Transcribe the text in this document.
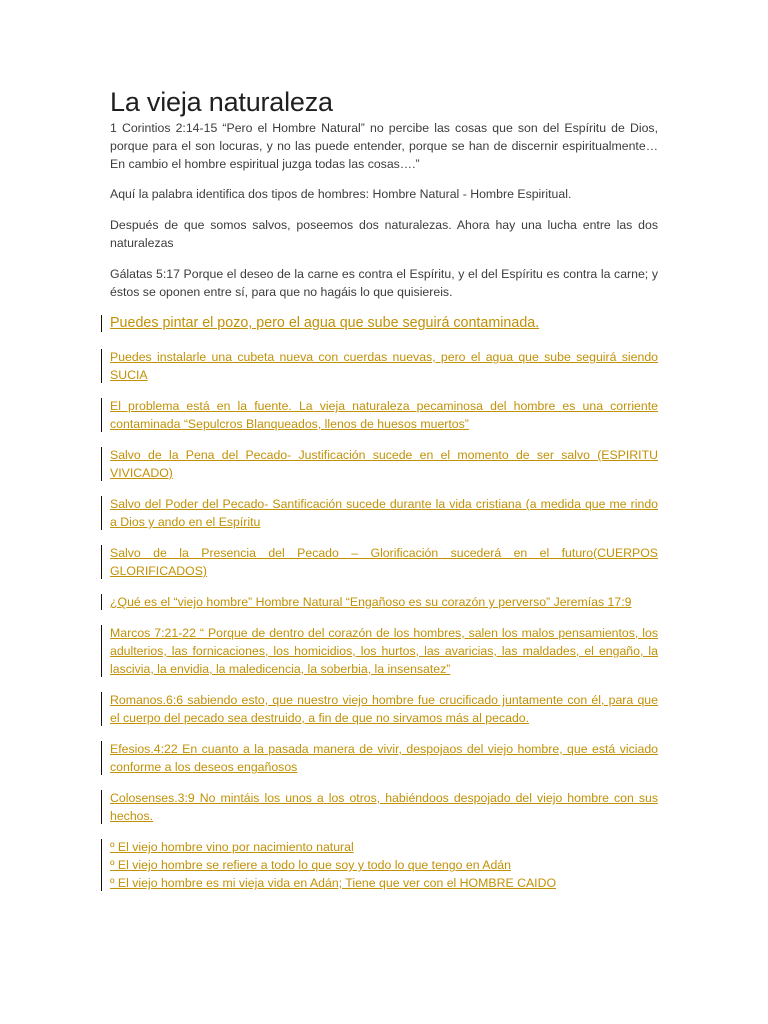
La vieja naturaleza

1 Corintios 2:14-15 “Pero el Hombre Natural” no percibe las cosas que son del Espíritu de Dios, porque para el son locuras, y no las puede entender, porque se han de discernir espiritualmente… En cambio el hombre espiritual juzga todas las cosas….”

Aquí la palabra identifica dos tipos de hombres: Hombre Natural - Hombre Espiritual.

Después de que somos salvos, poseemos dos naturalezas. Ahora hay una lucha entre las dos naturalezas

Gálatas 5:17 Porque el deseo de la carne es contra el Espíritu, y el del Espíritu es contra la carne; y éstos se oponen entre sí, para que no hagáis lo que quisiereis.

Puedes pintar el pozo, pero el agua que sube seguirá contaminada.
Puedes instalarle una cubeta nueva con cuerdas nuevas, pero el agua que sube seguirá siendo SUCIA
El problema está en la fuente. La vieja naturaleza pecaminosa del hombre es una corriente contaminada “Sepulcros Blanqueados, llenos de huesos muertos”
Salvo de la Pena del Pecado- Justificación sucede en el momento de ser salvo (ESPIRITU VIVICADO)
Salvo del Poder del Pecado- Santificación sucede durante la vida cristiana (a medida que me rindo a Dios y ando en el Espíritu
Salvo de la Presencia del Pecado – Glorificación sucederá en el futuro(CUERPOS GLORIFICADOS)
¿Qué es el “viejo hombre” Hombre Natural “Engañoso es su corazón y perverso” Jeremías 17:9
Marcos 7:21-22 “ Porque de dentro del corazón de los hombres, salen los malos pensamientos, los adulterios, las fornicaciones, los homicidios, los hurtos, las avaricias, las maldades, el engaño, la lascivia, la envidia, la maledicencia, la soberbia, la insensatez”
Romanos.6:6 sabiendo esto, que nuestro viejo hombre fue crucificado juntamente con él, para que el cuerpo del pecado sea destruido, a fin de que no sirvamos más al pecado.
Efesios.4:22 En cuanto a la pasada manera de vivir, despojaos del viejo hombre, que está viciado conforme a los deseos engañosos
Colosenses.3:9 No mintáis los unos a los otros, habiéndoos despojado del viejo hombre con sus hechos.
º El viejo hombre vino por nacimiento natural
º El viejo hombre se refiere a todo lo que soy y todo lo que tengo en Adán
º El viejo hombre es mi vieja vida en Adán; Tiene que ver con el HOMBRE CAIDO
